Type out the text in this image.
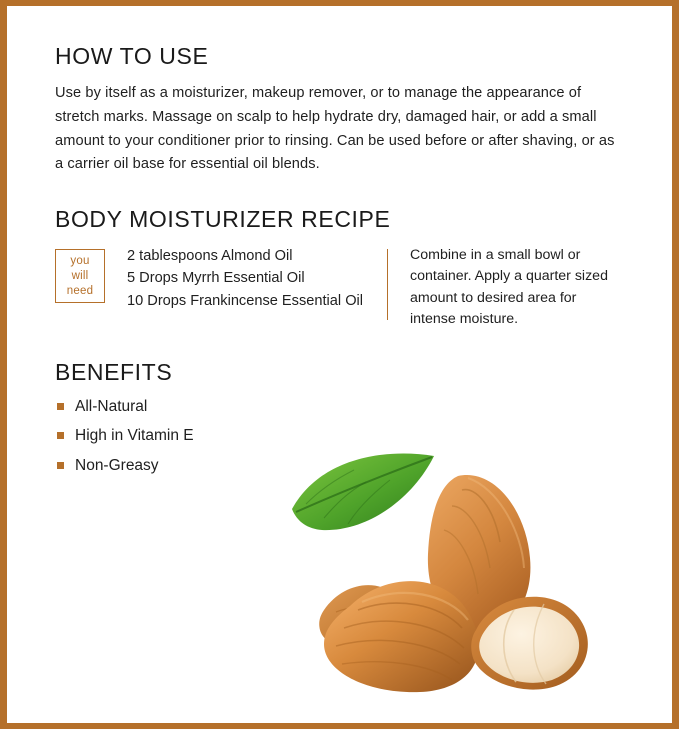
HOW TO USE

Use by itself as a moisturizer, makeup remover, or to manage the appearance of stretch marks. Massage on scalp to help hydrate dry, damaged hair, or add a small amount to your conditioner prior to rinsing. Can be used before or after shaving, or as a carrier oil base for essential oil blends.

BODY MOISTURIZER RECIPE
you
will
need
2 tablespoons Almond Oil
5 Drops Myrrh Essential Oil
10 Drops Frankincense Essential Oil
Combine in a small bowl or container. Apply a quarter sized amount to desired area for intense moisture.
BENEFITS
All-Natural
High in Vitamin E
Non-Greasy
